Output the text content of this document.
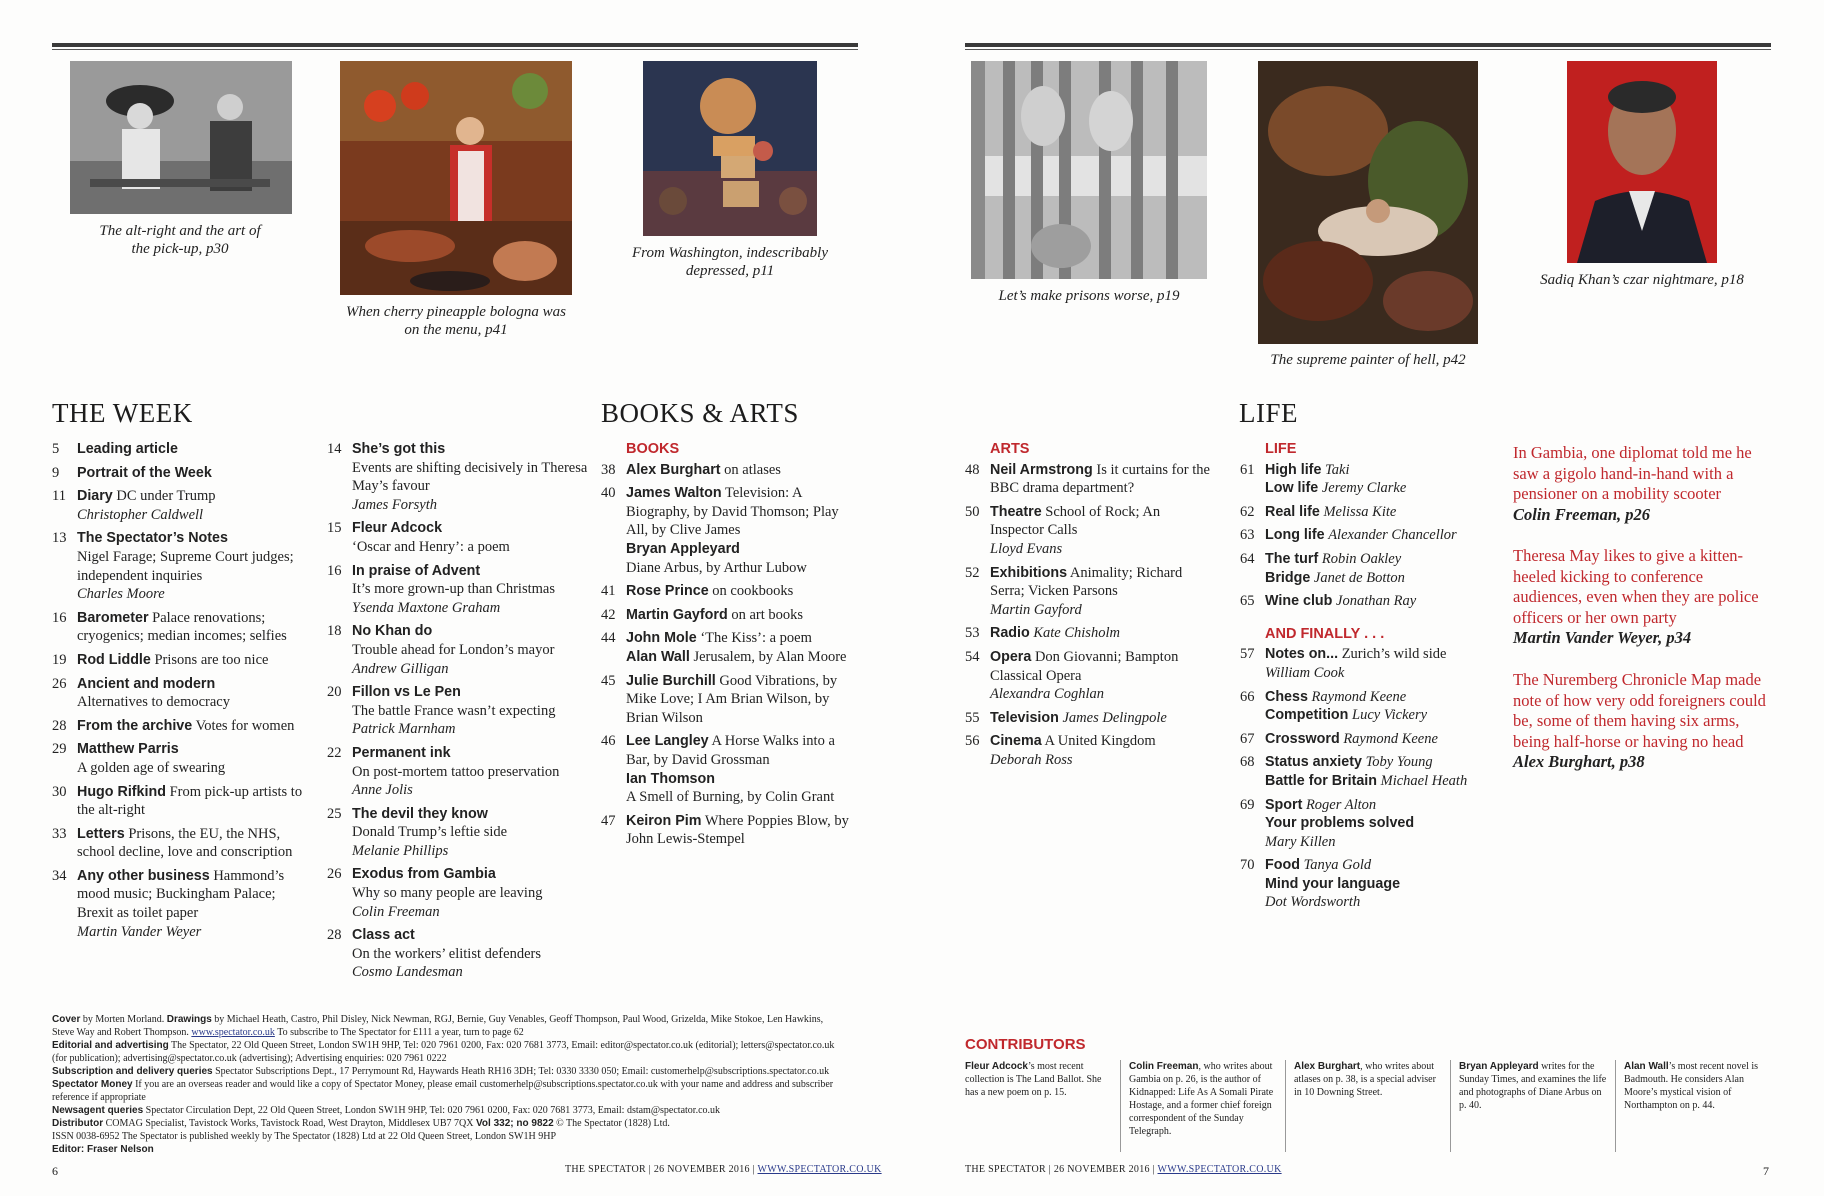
The alt-right and the art of the pick-up, p30
When cherry pineapple bologna was on the menu, p41
From Washington, indescribably depressed, p11
Let’s make prisons worse, p19
The supreme painter of hell, p42
Sadiq Khan’s czar nightmare, p18
THE WEEK	BOOKS & ARTS	LIFE
5	Leading article
9	Portrait of the Week
11 Diary DC under Trump
Christopher Caldwell
13 The Spectator’s Notes
Nigel Farage; Supreme Court judges; independent inquiries
Charles Moore
16 Barometer Palace renovations; cryogenics; median incomes; selfies
19 Rod Liddle Prisons are too nice
26 Ancient and modern
Alternatives to democracy
28 From the archive Votes for women
29 Matthew Parris
A golden age of swearing
30 Hugo Rifkind From pick-up artists to the alt-right
33 Letters Prisons, the EU, the NHS, school decline, love and conscription
34 Any other business Hammond’s mood music; Buckingham Palace; Brexit as toilet paper
Martin Vander Weyer
14 She’s got this
Events are shifting decisively in Theresa May’s favour
James Forsyth
15 Fleur Adcock
‘Oscar and Henry’: a poem
16 In praise of Advent
It’s more grown-up than Christmas
Ysenda Maxtone Graham
18 No Khan do
Trouble ahead for London’s mayor
Andrew Gilligan
20 Fillon vs Le Pen
The battle France wasn’t expecting
Patrick Marnham
22 Permanent ink
On post-mortem tattoo preservation
Anne Jolis
25 The devil they know
Donald Trump’s leftie side
Melanie Phillips
26 Exodus from Gambia
Why so many people are leaving
Colin Freeman
28 Class act
On the workers’ elitist defenders
Cosmo Landesman
BOOKS
38 Alex Burghart on atlases
40 James Walton Television: A Biography, by David Thomson; Play All, by Clive James
Bryan Appleyard
Diane Arbus, by Arthur Lubow
41 Rose Prince on cookbooks
42 Martin Gayford on art books
44 John Mole ‘The Kiss’: a poem
Alan Wall Jerusalem, by Alan Moore
45 Julie Burchill Good Vibrations, by Mike Love; I Am Brian Wilson, by Brian Wilson
46 Lee Langley A Horse Walks into a Bar, by David Grossman
Ian Thomson
A Smell of Burning, by Colin Grant
47 Keiron Pim Where Poppies Blow, by John Lewis-Stempel
ARTS
48 Neil Armstrong Is it curtains for the BBC drama department?
50 Theatre School of Rock; An Inspector Calls
Lloyd Evans
52 Exhibitions Animality; Richard Serra; Vicken Parsons
Martin Gayford
53 Radio Kate Chisholm
54 Opera Don Giovanni; Bampton Classical Opera
Alexandra Coghlan
55 Television James Delingpole
56 Cinema A United Kingdom
Deborah Ross
LIFE
61 High life Taki
Low life Jeremy Clarke
62 Real life Melissa Kite
63 Long life Alexander Chancellor
64 The turf Robin Oakley
Bridge Janet de Botton
65 Wine club Jonathan Ray
AND FINALLY . . .
57 Notes on... Zurich’s wild side
William Cook
66 Chess Raymond Keene
Competition Lucy Vickery
67 Crossword Raymond Keene
68 Status anxiety Toby Young
Battle for Britain Michael Heath
69 Sport Roger Alton
Your problems solved
Mary Killen
70 Food Tanya Gold
Mind your language
Dot Wordsworth
In Gambia, one diplomat told me he saw a gigolo hand-in-hand with a pensioner on a mobility scooter
Colin Freeman, p26
Theresa May likes to give a kitten-heeled kicking to conference audiences, even when they are police officers or her own party
Martin Vander Weyer, p34
The Nuremberg Chronicle Map made note of how very odd foreigners could be, some of them having six arms, being half-horse or having no head
Alex Burghart, p38
Cover by Morten Morland. Drawings by Michael Heath, Castro, Phil Disley, Nick Newman, RGJ, Bernie, Guy Venables, Geoff Thompson, Paul Wood, Grizelda, Mike Stokoe, Len Hawkins, Steve Way and Robert Thompson. www.spectator.co.uk To subscribe to The Spectator for £111 a year, turn to page 62
Editorial and advertising The Spectator, 22 Old Queen Street, London SW1H 9HP, Tel: 020 7961 0200, Fax: 020 7681 3773, Email: editor@spectator.co.uk (editorial); letters@spectator.co.uk (for publication); advertising@spectator.co.uk (advertising); Advertising enquiries: 020 7961 0222
Subscription and delivery queries Spectator Subscriptions Dept., 17 Perrymount Rd, Haywards Heath RH16 3DH; Tel: 0330 3330 050; Email: customerhelp@subscriptions.spectator.co.uk Spectator Money If you are an overseas reader and would like a copy of Spectator Money, please email customerhelp@subscriptions.spectator.co.uk with your name and address and subscriber reference if appropriate
Newsagent queries Spectator Circulation Dept, 22 Old Queen Street, London SW1H 9HP, Tel: 020 7961 0200, Fax: 020 7681 3773, Email: dstam@spectator.co.uk
Distributor COMAG Specialist, Tavistock Works, Tavistock Road, West Drayton, Middlesex UB7 7QX Vol 332; no 9822 © The Spectator (1828) Ltd.
ISSN 0038-6952 The Spectator is published weekly by The Spectator (1828) Ltd at 22 Old Queen Street, London SW1H 9HP
Editor: Fraser Nelson
CONTRIBUTORS
Fleur Adcock’s most recent collection is The Land Ballot. She has a new poem on p. 15.
Colin Freeman, who writes about Gambia on p. 26, is the author of Kidnapped: Life As A Somali Pirate Hostage, and a former chief foreign correspondent of the Sunday Telegraph.
Alex Burghart, who writes about atlases on p. 38, is a special adviser in 10 Downing Street.
Bryan Appleyard writes for the Sunday Times, and examines the life and photographs of Diane Arbus on p. 40.
Alan Wall’s most recent novel is Badmouth. He considers Alan Moore’s mystical vision of Northampton on p. 44.
6	THE SPECTATOR | 26 NOVEMBER 2016 | WWW.SPECTATOR.CO.UK	THE SPECTATOR | 26 NOVEMBER 2016 | WWW.SPECTATOR.CO.UK	7
